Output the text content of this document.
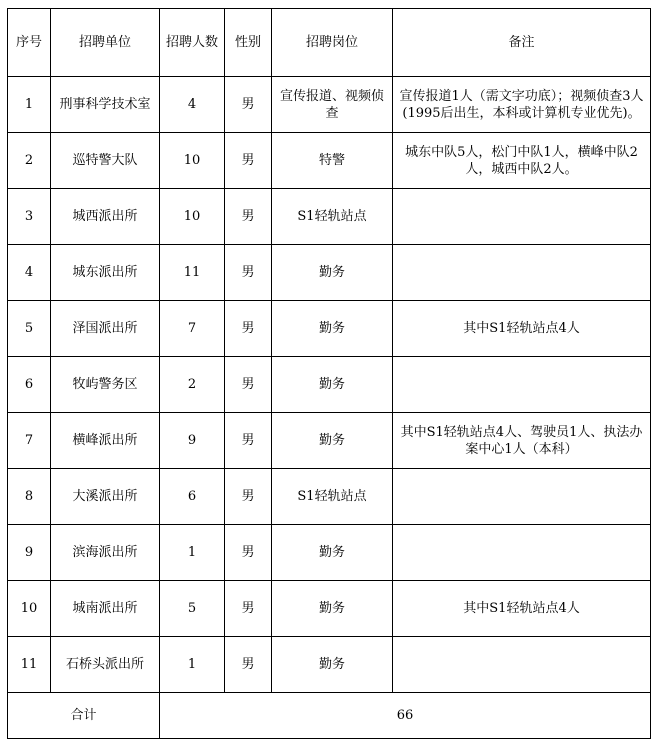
序号	招聘单位	招聘人数	性别	招聘岗位	备注
1	刑事科学技术室	4	男	宣传报道、视频侦查	宣传报道1人（需文字功底）；视频侦查3人(1995后出生，本科或计算机专业优先)。
2	巡特警大队	10	男	特警	城东中队5人，松门中队1人，横峰中队2人，城西中队2人。
3	城西派出所	10	男	S1轻轨站点	
4	城东派出所	11	男	勤务	
5	泽国派出所	7	男	勤务	其中S1轻轨站点4人
6	牧屿警务区	2	男	勤务	
7	横峰派出所	9	男	勤务	其中S1轻轨站点4人、驾驶员1人、执法办案中心1人（本科）
8	大溪派出所	6	男	S1轻轨站点	
9	滨海派出所	1	男	勤务	
10	城南派出所	5	男	勤务	其中S1轻轨站点4人
11	石桥头派出所	1	男	勤务	
合计		66			
